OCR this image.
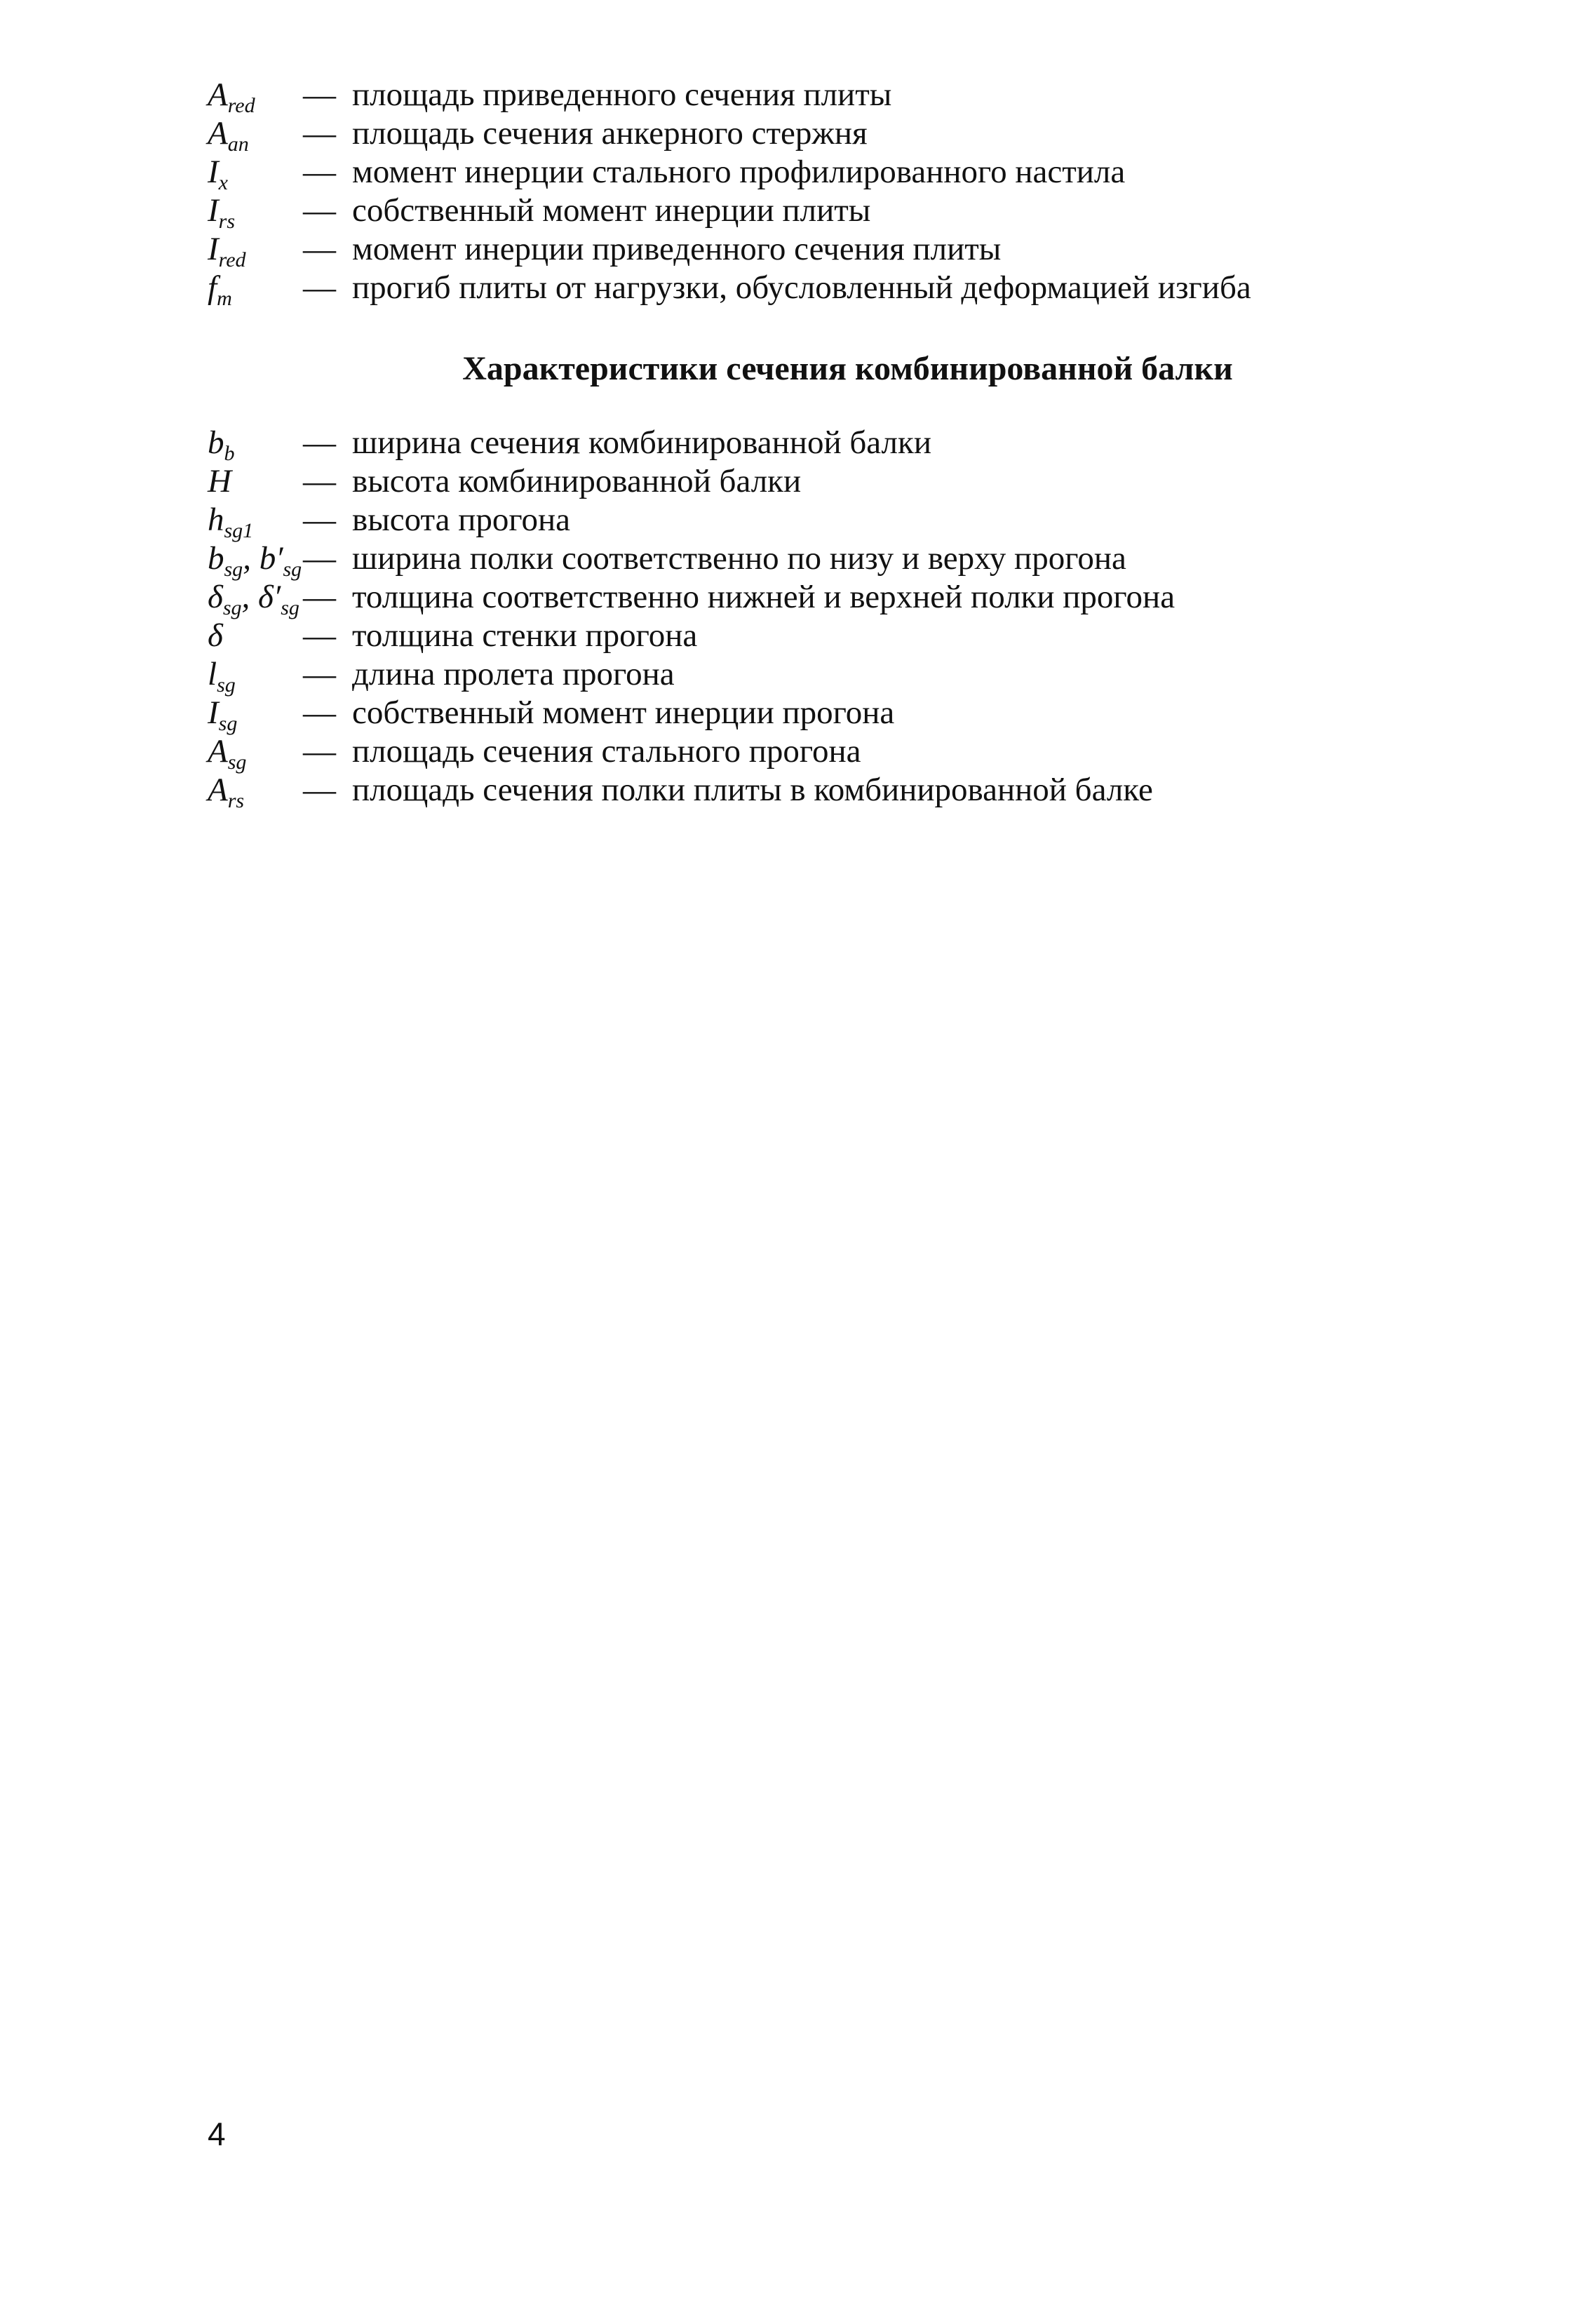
$A_{red}$ — площадь приведенного сечения плиты
$A_{an}$ — площадь сечения анкерного стержня
$I_x$ — момент инерции стального профилированного настила
$I_{rs}$ — собственный момент инерции плиты
$I_{red}$ — момент инерции приведенного сечения плиты
$f_m$ — прогиб плиты от нагрузки, обусловленный деформацией изгиба
Характеристики сечения комбинированной балки
$b_b$ — ширина сечения комбинированной балки
H — высота комбинированной балки
$h_{sg1}$ — высота прогона
$b_{sg}$, $b'_{sg}$ — ширина полки соответственно по низу и верху прогона
$\delta_{sg}$, $\delta'_{sg}$ — толщина соответственно нижней и верхней полки прогона
δ — толщина стенки прогона
$l_{sg}$ — длина пролета прогона
$I_{sg}$ — собственный момент инерции прогона
$A_{sg}$ — площадь сечения стального прогона
$A_{rs}$ — площадь сечения полки плиты в комбинированной балке
4
